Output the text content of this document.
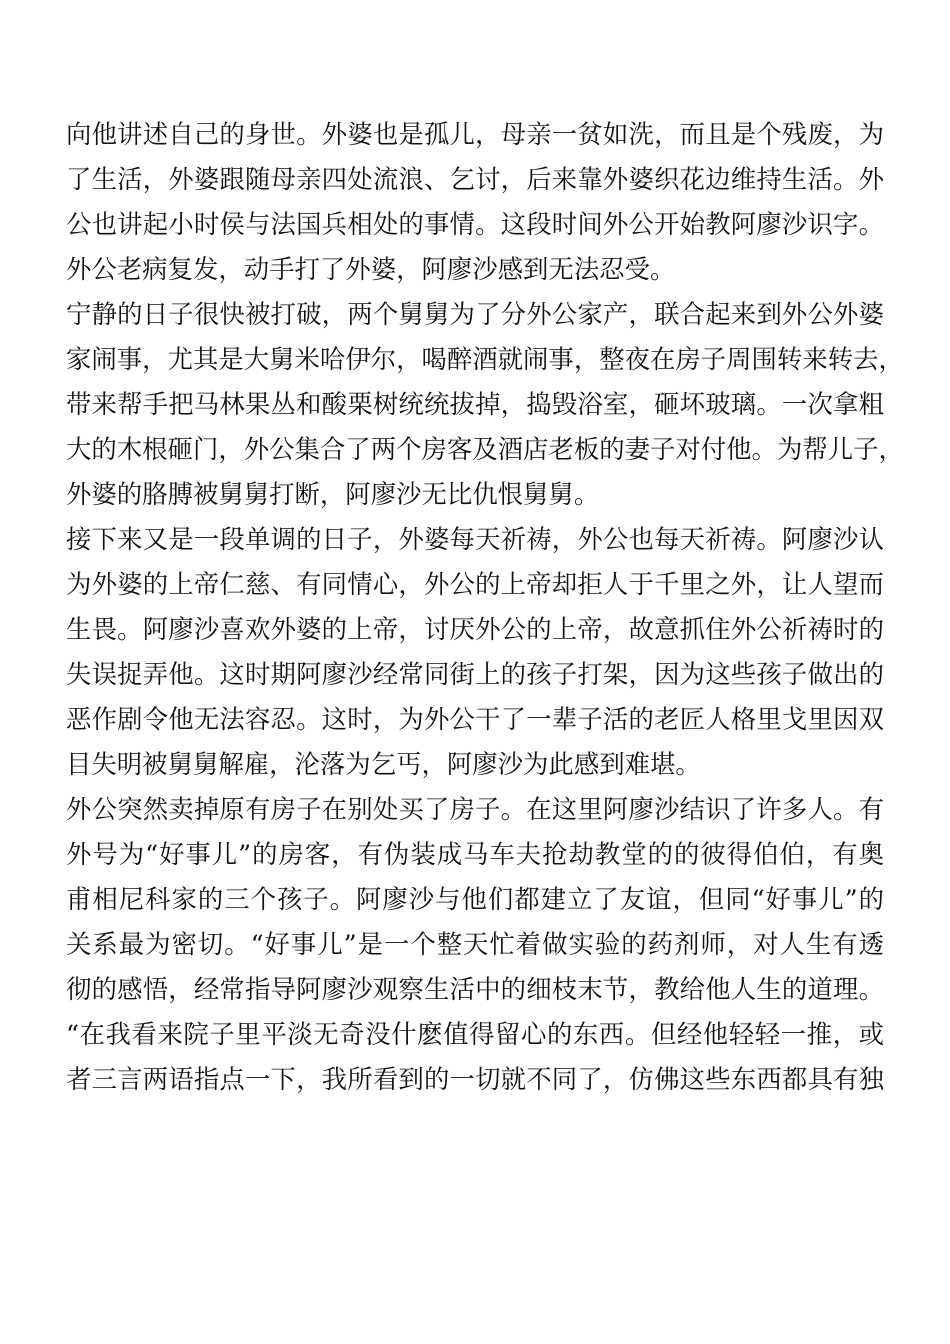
向他讲述自己的身世。外婆也是孤儿，母亲一贫如洗，而且是个残废，为
了生活，外婆跟随母亲四处流浪、乞讨，后来靠外婆织花边维持生活。外
公也讲起小时侯与法国兵相处的事情。这段时间外公开始教阿廖沙识字。
外公老病复发，动手打了外婆，阿廖沙感到无法忍受。
宁静的日子很快被打破，两个舅舅为了分外公家产，联合起来到外公外婆
家闹事，尤其是大舅米哈伊尔，喝醉酒就闹事，整夜在房子周围转来转去，
带来帮手把马林果丛和酸栗树统统拔掉，捣毁浴室，砸坏玻璃。一次拿粗
大的木根砸门，外公集合了两个房客及酒店老板的妻子对付他。为帮儿子，
外婆的胳膊被舅舅打断，阿廖沙无比仇恨舅舅。
接下来又是一段单调的日子，外婆每天祈祷，外公也每天祈祷。阿廖沙认
为外婆的上帝仁慈、有同情心，外公的上帝却拒人于千里之外，让人望而
生畏。阿廖沙喜欢外婆的上帝，讨厌外公的上帝，故意抓住外公祈祷时的
失误捉弄他。这时期阿廖沙经常同街上的孩子打架，因为这些孩子做出的
恶作剧令他无法容忍。这时，为外公干了一辈子活的老匠人格里戈里因双
目失明被舅舅解雇，沦落为乞丐，阿廖沙为此感到难堪。
外公突然卖掉原有房子在别处买了房子。在这里阿廖沙结识了许多人。有
外号为“好事儿”的房客，有伪装成马车夫抢劫教堂的的彼得伯伯，有奥
甫相尼科家的三个孩子。阿廖沙与他们都建立了友谊，但同“好事儿”的
关系最为密切。“好事儿”是一个整天忙着做实验的药剂师，对人生有透
彻的感悟，经常指导阿廖沙观察生活中的细枝末节，教给他人生的道理。
“在我看来院子里平淡无奇没什麽值得留心的东西。但经他轻轻一推，或
者三言两语指点一下，我所看到的一切就不同了，仿佛这些东西都具有独
